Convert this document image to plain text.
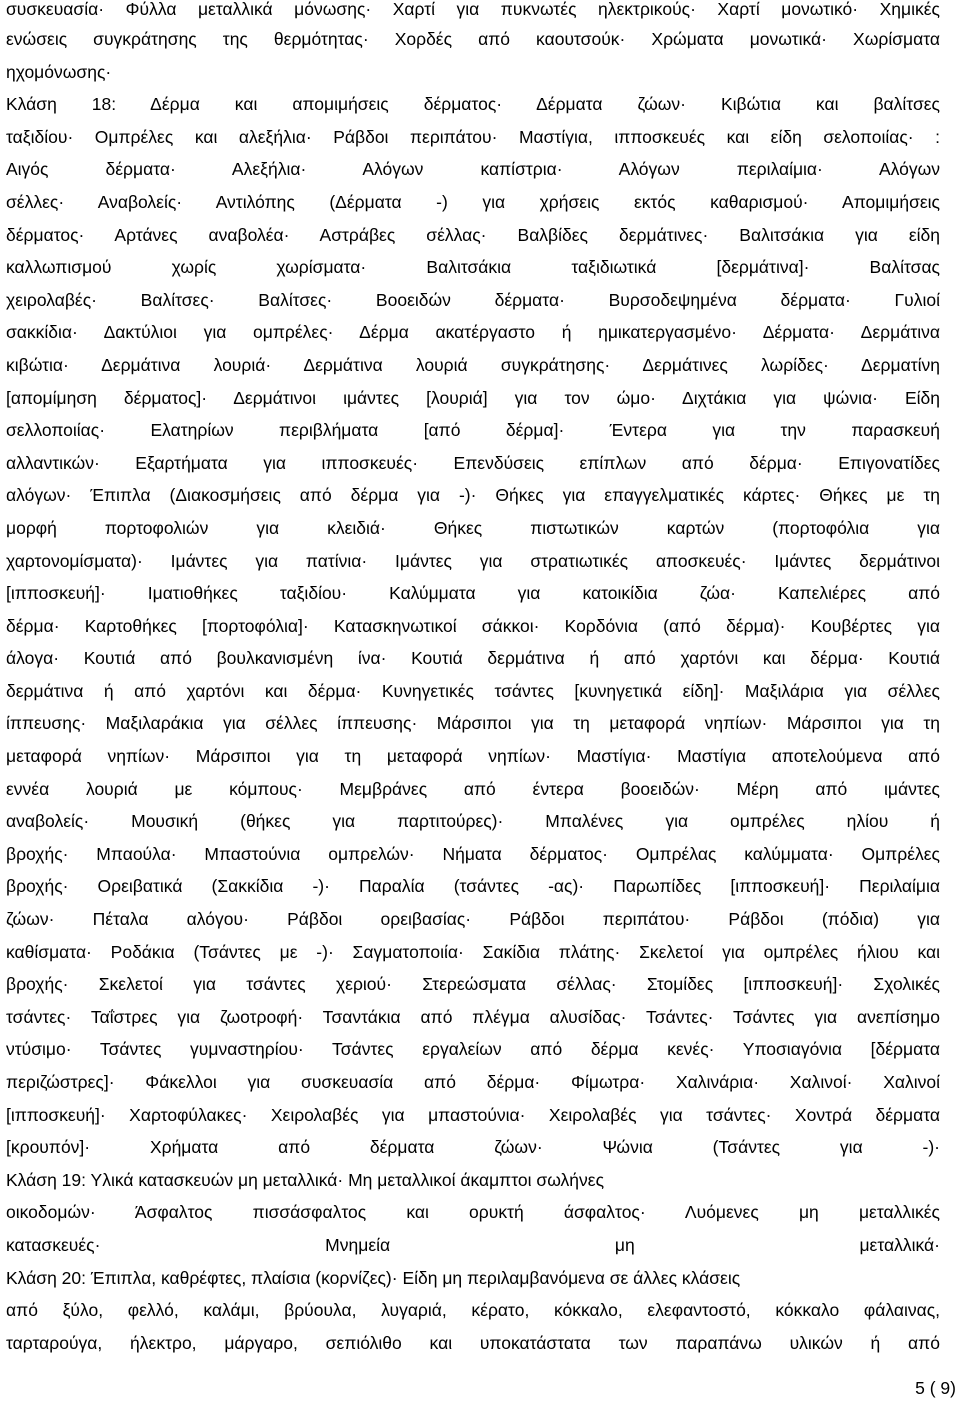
συσκευασία· Φύλλα μεταλλικά μόνωσης· Χαρτί για πυκνωτές ηλεκτρικούς· Χαρτί μονωτικό· Χημικές
ενώσεις συγκράτησης της θερμότητας· Χορδές από καουτσούκ· Χρώματα μονωτικά· Χωρίσματα
ηχομόνωσης·
Κλάση 18: Δέρμα και απομιμήσεις δέρματος· Δέρματα ζώων· Κιβώτια και βαλίτσες
ταξιδίου· Ομπρέλες και αλεξήλια· Ράβδοι περιπάτου· Μαστίγια, ιπποσκευές και είδη σελοποιίας· :
Αιγός δέρματα· Αλεξήλια· Αλόγων καπίστρια· Αλόγων περιλαίμια· Αλόγων
σέλλες· Αναβολείς· Αντιλόπης (Δέρματα -) για χρήσεις εκτός καθαρισμού· Απομιμήσεις
δέρματος· Αρτάνες αναβολέα· Αστράβες σέλλας· Βαλβίδες δερμάτινες· Βαλιτσάκια για είδη
καλλωπισμού χωρίς χωρίσματα· Βαλιτσάκια ταξιδιωτικά [δερμάτινα]· Βαλίτσας
χειρολαβές· Βαλίτσες· Βαλίτσες· Βοοειδών δέρματα· Βυρσοδεψημένα δέρματα· Γυλιοί
σακκίδια· Δακτύλιοι για ομπρέλες· Δέρμα ακατέργαστο ή ημικατεργασμένο· Δέρματα· Δερμάτινα
κιβώτια· Δερμάτινα λουριά· Δερμάτινα λουριά συγκράτησης· Δερμάτινες λωρίδες· Δερματίνη
[απομίμηση δέρματος]· Δερμάτινοι ιμάντες [λουριά] για τον ώμο· Διχτάκια για ψώνια· Είδη
σελλοποιίας· Ελατηρίων περιβλήματα [από δέρμα]· Έντερα για την παρασκευή
αλλαντικών· Εξαρτήματα για ιπποσκευές· Επενδύσεις επίπλων από δέρμα· Επιγονατίδες
αλόγων· Έπιπλα (Διακοσμήσεις από δέρμα για -)· Θήκες για επαγγελματικές κάρτες· Θήκες με τη
μορφή πορτοφολιών για κλειδιά· Θήκες πιστωτικών καρτών (πορτοφόλια για
χαρτονομίσματα)· Ιμάντες για πατίνια· Ιμάντες για στρατιωτικές αποσκευές· Ιμάντες δερμάτινοι
[ιπποσκευή]· Ιματιοθήκες ταξιδίου· Καλύμματα για κατοικίδια ζώα· Καπελιέρες από
δέρμα· Καρτοθήκες [πορτοφόλια]· Κατασκηνωτικοί σάκκοι· Κορδόνια (από δέρμα)· Κουβέρτες για
άλογα· Κουτιά από βουλκανισμένη ίνα· Κουτιά δερμάτινα ή από χαρτόνι και δέρμα· Κουτιά
δερμάτινα ή από χαρτόνι και δέρμα· Κυνηγετικές τσάντες [κυνηγετικά είδη]· Μαξιλάρια για σέλλες
ίππευσης· Μαξιλαράκια για σέλλες ίππευσης· Μάρσιποι για τη μεταφορά νηπίων· Μάρσιποι για τη
μεταφορά νηπίων· Μάρσιποι για τη μεταφορά νηπίων· Μαστίγια· Μαστίγια αποτελούμενα από
εννέα λουριά με κόμπους· Μεμβράνες από έντερα βοοειδών· Μέρη από ιμάντες
αναβολείς· Μουσική (θήκες για παρτιτούρες)· Μπαλένες για ομπρέλες ηλίου ή
βροχής· Μπαούλα· Μπαστούνια ομπρελών· Νήματα δέρματος· Ομπρέλας καλύμματα· Ομπρέλες
βροχής· Ορειβατικά (Σακκίδια -)· Παραλία (τσάντες -ας)· Παρωπίδες [ιπποσκευή]· Περιλαίμια
ζώων· Πέταλα αλόγου· Ράβδοι ορειβασίας· Ράβδοι περιπάτου· Ράβδοι (πόδια) για
καθίσματα· Ροδάκια (Τσάντες με -)· Σαγματοποιία· Σακίδια πλάτης· Σκελετοί για ομπρέλες ήλιου και
βροχής· Σκελετοί για τσάντες χεριού· Στερεώσματα σέλλας· Στομίδες [ιπποσκευή]· Σχολικές
τσάντες· Ταΐστρες για ζωοτροφή· Τσαντάκια από πλέγμα αλυσίδας· Τσάντες· Τσάντες για ανεπίσημο
ντύσιμο· Τσάντες γυμναστηρίου· Τσάντες εργαλείων από δέρμα κενές· Υποσιαγόνια [δέρματα
περιζώστρες]· Φάκελλοι για συσκευασία από δέρμα· Φίμωτρα· Χαλινάρια· Χαλινοί· Χαλινοί
[ιπποσκευή]· Χαρτοφύλακες· Χειρολαβές για μπαστούνια· Χειρολαβές για τσάντες· Χοντρά δέρματα
[κρουπόν]· Χρήματα από δέρματα ζώων· Ψώνια (Τσάντες για -)·
Κλάση 19: Υλικά κατασκευών μη μεταλλικά· Μη μεταλλικοί άκαμπτοι σωλήνες
οικοδομών· Άσφαλτος πισσάσφαλτος και ορυκτή άσφαλτος· Λυόμενες μη μεταλλικές
κατασκευές· Μνημεία μη μεταλλικά·
Κλάση 20: Έπιπλα, καθρέφτες, πλαίσια (κορνίζες)· Είδη μη περιλαμβανόμενα σε άλλες κλάσεις
από ξύλο, φελλό, καλάμι, βρύουλα, λυγαριά, κέρατο, κόκκαλο, ελεφαντοστό, κόκκαλο φάλαινας,
ταρταρούγα, ήλεκτρο, μάργαρο, σεπιόλιθο και υποκατάστατα των παραπάνω υλικών ή από
5 ( 9)
